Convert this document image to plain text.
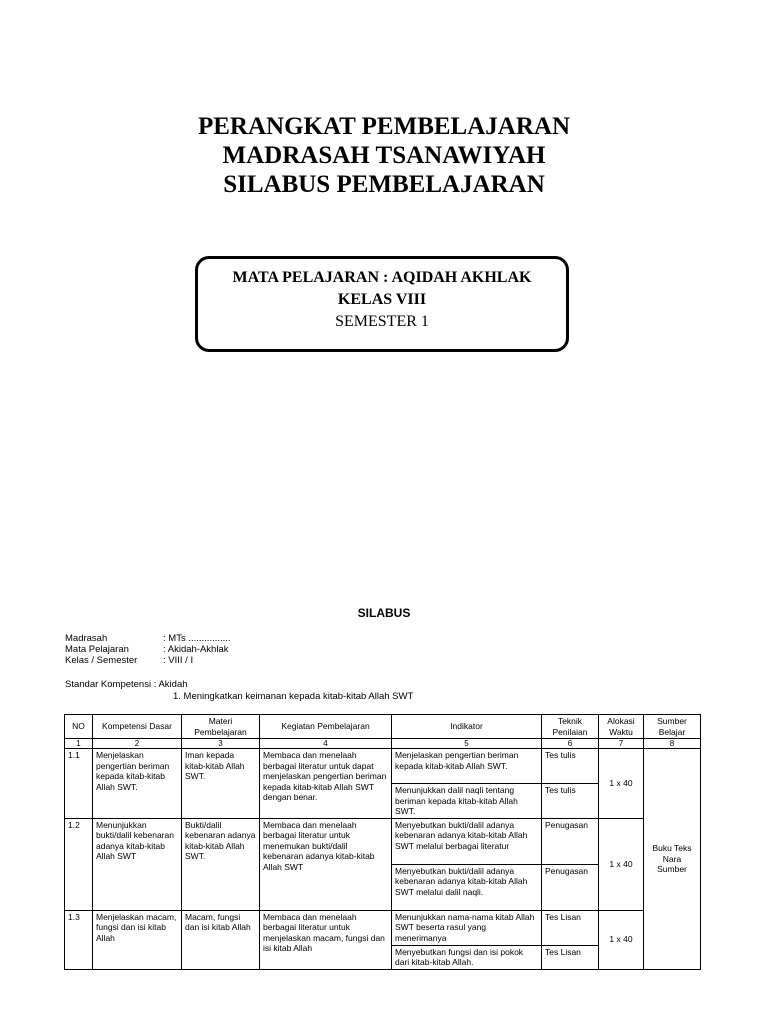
PERANGKAT PEMBELAJARAN
MADRASAH TSANAWIYAH
SILABUS PEMBELAJARAN
MATA PELAJARAN : AQIDAH AKHLAK
KELAS VIII
SEMESTER 1
SILABUS
Madrasah	: MTs ................
Mata Pelajaran	: Akidah-Akhlak
Kelas / Semester	: VIII / I
Standar Kompetensi : Akidah
1. Meningkatkan keimanan kepada kitab-kitab Allah SWT
NO	Kompetensi Dasar	Materi Pembelajaran	Kegiatan Pembelajaran	Indikator	Teknik Penilaian	Alokasi Waktu	Sumber Belajar
1	2	3	4	5	6	7	8
1.1	Menjelaskan pengertian beriman kepada kitab-kitab Allah SWT.	Iman kepada kitab-kitab Allah SWT.	Membaca dan menelaah berbagai literatur untuk dapat menjelaskan pengertian beriman kepada kitab-kitab Allah SWT dengan benar.	Menjelaskan pengertian beriman kepada kitab-kitab Allah SWT.	Tes tulis	1 x 40	Buku Teks Nara Sumber
				Menunjukkan dalil naqli tentang beriman kepada kitab-kitab Allah SWT.	Tes tulis		
1.2	Menunjukkan bukti/dalil kebenaran adanya kitab-kitab Allah SWT	Bukti/dalil kebenaran adanya kitab-kitab Allah SWT.	Membaca dan menelaah berbagai literatur untuk menemukan bukti/dalil kebenaran adanya kitab-kitab Allah SWT	Menyebutkan bukti/dalil adanya kebenaran adanya kitab-kitab Allah SWT melalui berbagai literatur	Penugasan	1 x 40	
				Menyebutkan bukti/dalil adanya kebenaran adanya kitab-kitab Allah SWT melalui dalil naqli.	Penugasan		
1.3	Menjelaskan macam, fungsi dan isi kitab Allah	Macam, fungsi dan isi kitab Allah	Membaca dan menelaah berbagai literatur untuk menjelaskan macam, fungsi dan isi kitab Allah	Menunjukkan nama-nama kitab Allah SWT beserta rasul yang menerimanya	Tes Lisan	1 x 40	
				Menyebutkan fungsi dan isi pokok dari kitab-kitab Allah.	Tes Lisan		
